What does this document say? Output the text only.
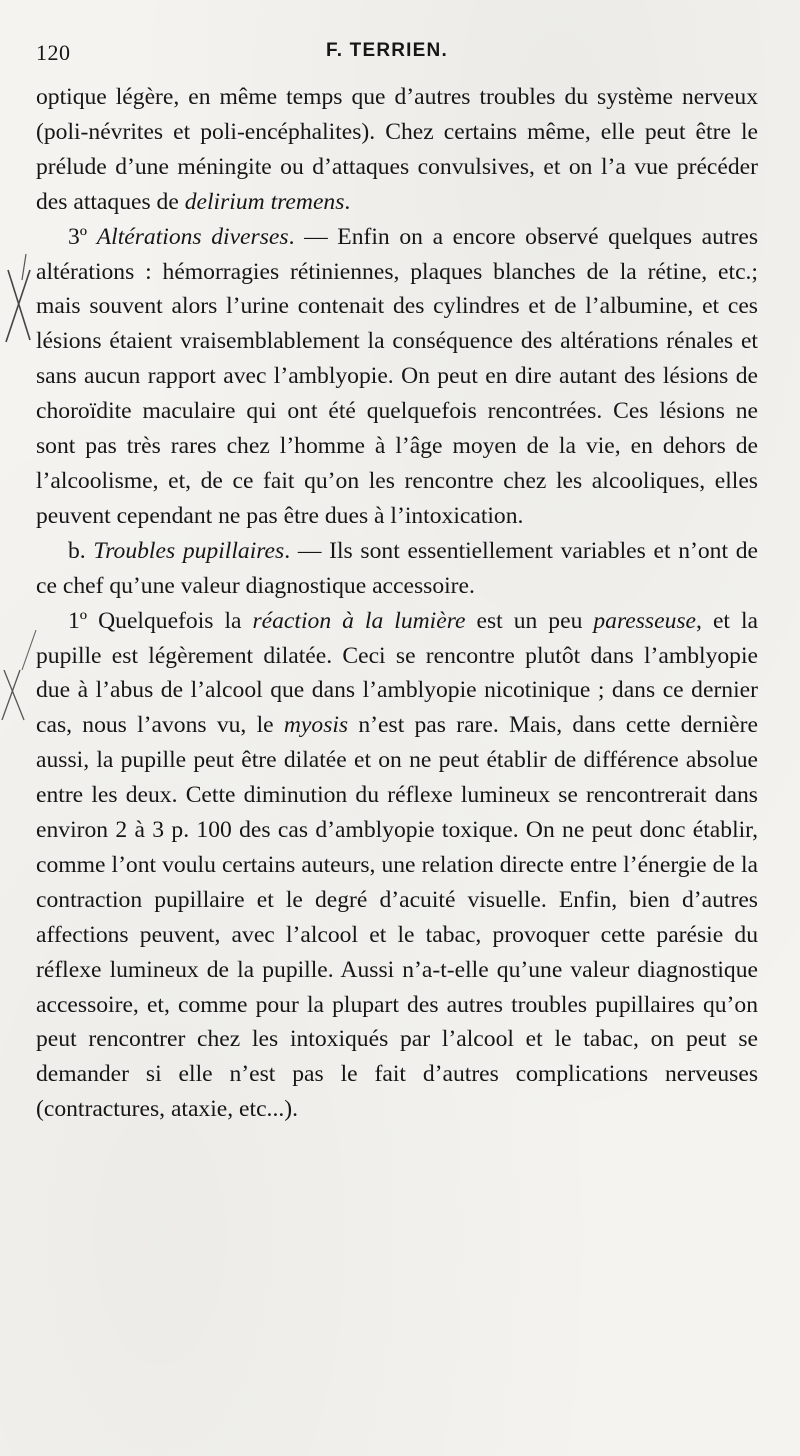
120	F. TERRIEN.

optique légère, en même temps que d’autres troubles du système nerveux (poli-névrites et poli-encéphalites). Chez certains même, elle peut être le prélude d’une méningite ou d’attaques convulsives, et on l’a vue précéder des attaques de delirium tremens.

3º Altérations diverses. — Enfin on a encore observé quelques autres altérations : hémorragies rétiniennes, plaques blanches de la rétine, etc.; mais souvent alors l’urine contenait des cylindres et de l’albumine, et ces lésions étaient vraisemblablement la conséquence des altérations rénales et sans aucun rapport avec l’amblyopie. On peut en dire autant des lésions de choroïdite maculaire qui ont été quelquefois rencontrées. Ces lésions ne sont pas très rares chez l’homme à l’âge moyen de la vie, en dehors de l’alcoolisme, et, de ce fait qu’on les rencontre chez les alcooliques, elles peuvent cependant ne pas être dues à l’intoxication.

b. Troubles pupillaires. — Ils sont essentiellement variables et n’ont de ce chef qu’une valeur diagnostique accessoire.

1º Quelquefois la réaction à la lumière est un peu paresseuse, et la pupille est légèrement dilatée. Ceci se rencontre plutôt dans l’amblyopie due à l’abus de l’alcool que dans l’amblyopie nicotinique ; dans ce dernier cas, nous l’avons vu, le myosis n’est pas rare. Mais, dans cette dernière aussi, la pupille peut être dilatée et on ne peut établir de différence absolue entre les deux. Cette diminution du réflexe lumineux se rencontrerait dans environ 2 à 3 p. 100 des cas d’amblyopie toxique. On ne peut donc établir, comme l’ont voulu certains auteurs, une relation directe entre l’énergie de la contraction pupillaire et le degré d’acuité visuelle. Enfin, bien d’autres affections peuvent, avec l’alcool et le tabac, provoquer cette parésie du réflexe lumineux de la pupille. Aussi n’a-t-elle qu’une valeur diagnostique accessoire, et, comme pour la plupart des autres troubles pupillaires qu’on peut rencontrer chez les intoxiqués par l’alcool et le tabac, on peut se demander si elle n’est pas le fait d’autres complications nerveuses (contractures, ataxie, etc...).
